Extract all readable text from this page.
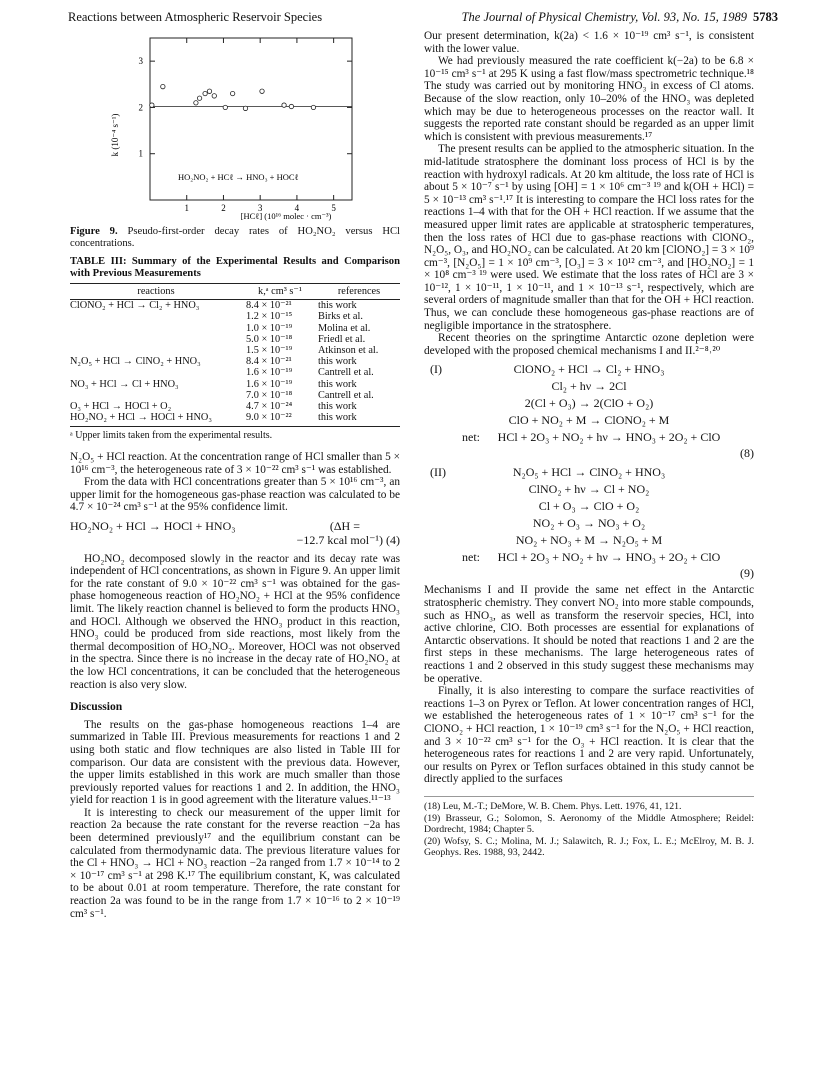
Reactions between Atmospheric Reservoir Species	The Journal of Physical Chemistry, Vol. 93, No. 15, 1989 5783
1
2
3
1	2	3	4	5
k (10⁻⁴ s⁻¹)
HO₂NO₂ + HCℓ → HNO₃ + HOCℓ
[HCℓ] (10¹⁶ molec · cm⁻³)
Figure 9. Pseudo-first-order decay rates of HO₂NO₂ versus HCl concentrations.
TABLE III: Summary of the Experimental Results and Comparison with Previous Measurements
reactions	k,ᵃ cm³ s⁻¹	references
ClONO₂ + HCl → Cl₂ + HNO₃	8.4 × 10⁻²¹	this work
	1.2 × 10⁻¹⁵	Birks et al.
	1.0 × 10⁻¹⁹	Molina et al.
	5.0 × 10⁻¹⁸	Friedl et al.
	1.5 × 10⁻¹⁹	Atkinson et al.
N₂O₅ + HCl → ClNO₂ + HNO₃	8.4 × 10⁻²¹	this work
	1.6 × 10⁻¹⁹	Cantrell et al.
NO₃ + HCl → Cl + HNO₃	1.6 × 10⁻¹⁹	this work
	7.0 × 10⁻¹⁸	Cantrell et al.
O₃ + HCl → HOCl + O₂	4.7 × 10⁻²⁴	this work
HO₂NO₂ + HCl → HOCl + HNO₃	9.0 × 10⁻²²	this work
ᵃ Upper limits taken from the experimental results.

N₂O₅ + HCl reaction. At the concentration range of HCl smaller than 5 × 10¹⁶ cm⁻³, the heterogeneous rate of 3 × 10⁻²² cm³ s⁻¹ was established.

From the data with HCl concentrations greater than 5 × 10¹⁶ cm⁻³, an upper limit for the homogeneous gas-phase reaction was calculated to be 4.7 × 10⁻²⁴ cm³ s⁻¹ at the 95% confidence limit.

HO₂NO₂ + HCl → HOCl + HNO₃	(ΔH =
−12.7 kcal mol⁻¹) (4)

HO₂NO₂ decomposed slowly in the reactor and its decay rate was independent of HCl concentrations, as shown in Figure 9. An upper limit for the rate constant of 9.0 × 10⁻²² cm³ s⁻¹ was obtained for the gas-phase homogeneous reaction of HO₂NO₂ + HCl at the 95% confidence limit. The likely reaction channel is believed to form the products HNO₃ and HOCl. Although we observed the HNO₃ product in this reaction, HNO₃ could be produced from side reactions, most likely from the thermal decomposition of HO₂NO₂. Moreover, HOCl was not observed in the spectra. Since there is no increase in the decay rate of HO₂NO₂ at the low HCl concentrations, it can be concluded that the heterogeneous reaction is also very slow.

Discussion

The results on the gas-phase homogeneous reactions 1–4 are summarized in Table III. Previous measurements for reactions 1 and 2 using both static and flow techniques are also listed in Table III for comparison. Our data are consistent with the previous data. However, the upper limits established in this work are much smaller than those previously reported values for reactions 1 and 2. In addition, the HNO₃ yield for reaction 1 is in good agreement with the literature values.¹¹⁻¹³

It is interesting to check our measurement of the upper limit for reaction 2a because the rate constant for the reverse reaction −2a has been determined previously¹⁷ and the equilibrium constant can be calculated from thermodynamic data. The previous literature values for the Cl + HNO₃ → HCl + NO₃ reaction −2a ranged from 1.7 × 10⁻¹⁴ to 2 × 10⁻¹⁷ cm³ s⁻¹ at 298 K.¹⁷ The equilibrium constant, K, was calculated to be about 0.01 at room temperature. Therefore, the rate constant for reaction 2a was found to be in the range from 1.7 × 10⁻¹⁶ to 2 × 10⁻¹⁹ cm³ s⁻¹.

Our present determination, k(2a) < 1.6 × 10⁻¹⁹ cm³ s⁻¹, is consistent with the lower value.

We had previously measured the rate coefficient k(−2a) to be 6.8 × 10⁻¹⁵ cm³ s⁻¹ at 295 K using a fast flow/mass spectrometric technique.¹⁸ The study was carried out by monitoring HNO₃ in excess of Cl atoms. Because of the slow reaction, only 10–20% of the HNO₃ was depleted which may be due to heterogeneous processes on the reactor wall. It suggests the reported rate constant should be regarded as an upper limit which is consistent with previous measurements.¹⁷

The present results can be applied to the atmospheric situation. In the mid-latitude stratosphere the dominant loss process of HCl is by the reaction with hydroxyl radicals. At 20 km altitude, the loss rate of HCl is about 5 × 10⁻⁷ s⁻¹ by using [OH] = 1 × 10⁶ cm⁻³ ¹⁹ and k(OH + HCl) = 5 × 10⁻¹³ cm³ s⁻¹.¹⁷ It is interesting to compare the HCl loss rates for the reactions 1–4 with that for the OH + HCl reaction. If we assume that the measured upper limit rates are applicable at stratospheric temperatures, then the loss rates of HCl due to gas-phase reactions with ClONO₂, N₂O₅, O₃, and HO₂NO₂ can be calculated. At 20 km [ClONO₂] = 3 × 10⁹ cm⁻³, [N₂O₅] = 1 × 10⁹ cm⁻³, [O₃] = 3 × 10¹² cm⁻³, and [HO₂NO₂] = 1 × 10⁸ cm⁻³ ¹⁹ were used. We estimate that the loss rates of HCl are 3 × 10⁻¹², 1 × 10⁻¹¹, 1 × 10⁻¹¹, and 1 × 10⁻¹³ s⁻¹, respectively, which are several orders of magnitude smaller than that for the OH + HCl reaction. Thus, we can conclude these homogeneous gas-phase reactions are of negligible importance in the stratosphere.

Recent theories on the springtime Antarctic ozone depletion were developed with the proposed chemical mechanisms I and II.²⁻⁸˒²⁰

(I)	ClONO₂ + HCl → Cl₂ + HNO₃
Cl₂ + hν → 2Cl
2(Cl + O₃) → 2(ClO + O₂)
ClO + NO₂ + M → ClONO₂ + M
net:	HCl + 2O₃ + NO₂ + hν → HNO₃ + 2O₂ + ClO
(8)
(II)	N₂O₅ + HCl → ClNO₂ + HNO₃
ClNO₂ + hν → Cl + NO₂
Cl + O₃ → ClO + O₂
NO₂ + O₃ → NO₃ + O₂
NO₂ + NO₃ + M → N₂O₅ + M
net:	HCl + 2O₃ + NO₂ + hν → HNO₃ + 2O₂ + ClO
(9)

Mechanisms I and II provide the same net effect in the Antarctic stratospheric chemistry. They convert NO₂ into more stable compounds, such as HNO₃, as well as transform the reservoir species, HCl, into active chlorine, ClO. Both processes are essential for explanations of Antarctic observations. It should be noted that reactions 1 and 2 are the first steps in these mechanisms. The large heterogeneous rates of reactions 1 and 2 observed in this study suggest these mechanisms may be operative.

Finally, it is also interesting to compare the surface reactivities of reactions 1–3 on Pyrex or Teflon. At lower concentration ranges of HCl, we established the heterogeneous rates of 1 × 10⁻¹⁷ cm³ s⁻¹ for the ClONO₂ + HCl reaction, 1 × 10⁻¹⁹ cm³ s⁻¹ for the N₂O₅ + HCl reaction, and 3 × 10⁻²² cm³ s⁻¹ for the O₃ + HCl reaction. It is clear that the heterogeneous rates for reactions 1 and 2 are very rapid. Unfortunately, our results on Pyrex or Teflon surfaces obtained in this study cannot be directly applied to the surfaces

(18) Leu, M.-T.; DeMore, W. B. Chem. Phys. Lett. 1976, 41, 121.
(19) Brasseur, G.; Solomon, S. Aeronomy of the Middle Atmosphere; Reidel: Dordrecht, 1984; Chapter 5.
(20) Wofsy, S. C.; Molina, M. J.; Salawitch, R. J.; Fox, L. E.; McElroy, M. B. J. Geophys. Res. 1988, 93, 2442.
